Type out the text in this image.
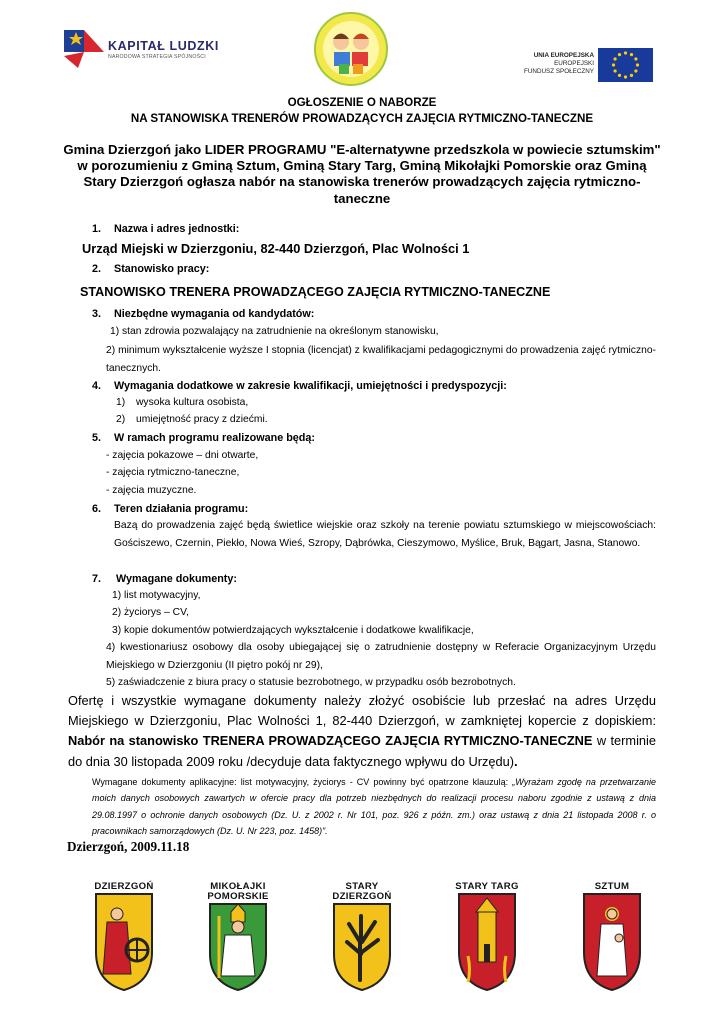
KAPITAŁ LUDZKI
NARODOWA STRATEGIA SPÓJNOŚCI	UNIA EUROPEJSKA
EUROPEJSKI
FUNDUSZ SPOŁECZNY
OGŁOSZENIE O NABORZE
NA STANOWISKA TRENERÓW PROWADZĄCYCH ZAJĘCIA RYTMICZNO-TANECZNE
Gmina Dzierzgoń jako LIDER PROGRAMU "E-alternatywne przedszkola w powiecie sztumskim" w porozumieniu z Gminą Sztum, Gminą Stary Targ, Gminą Mikołajki Pomorskie oraz Gminą Stary Dzierzgoń ogłasza nabór na stanowiska trenerów prowadzących zajęcia rytmiczno-taneczne
1. Nazwa i adres jednostki:
Urząd Miejski w Dzierzgoniu, 82-440 Dzierzgoń, Plac Wolności 1
2. Stanowisko pracy:
STANOWISKO TRENERA PROWADZĄCEGO ZAJĘCIA RYTMICZNO-TANECZNE
3. Niezbędne wymagania od kandydatów:
1) stan zdrowia pozwalający na zatrudnienie na określonym stanowisku,
2) minimum wykształcenie wyższe I stopnia (licencjat) z kwalifikacjami pedagogicznymi do prowadzenia zajęć rytmiczno-tanecznych.
4. Wymagania dodatkowe w zakresie kwalifikacji, umiejętności i predyspozycji:
1) wysoka kultura osobista,
2) umiejętność pracy z dziećmi.
5. W ramach programu realizowane będą:
- zajęcia pokazowe – dni otwarte,
- zajęcia rytmiczno-taneczne,
- zajęcia muzyczne.
6. Teren działania programu:
Bazą do prowadzenia zajęć będą świetlice wiejskie oraz szkoły na terenie powiatu sztumskiego w miejscowościach: Gościszewo, Czernin, Piekło, Nowa Wieś, Szropy, Dąbrówka, Cieszymowo, Myślice, Bruk, Bągart, Jasna, Stanowo.
7. Wymagane dokumenty:
1) list motywacyjny,
2) życiorys – CV,
3) kopie dokumentów potwierdzających wykształcenie i dodatkowe kwalifikacje,
4) kwestionariusz osobowy dla osoby ubiegającej się o zatrudnienie dostępny w Referacie Organizacyjnym Urzędu Miejskiego w Dzierzgoniu (II piętro pokój nr 29),
5) zaświadczenie z biura pracy o statusie bezrobotnego, w przypadku osób bezrobotnych.
Ofertę i wszystkie wymagane dokumenty należy złożyć osobiście lub przesłać na adres Urzędu Miejskiego w Dzierzgoniu, Plac Wolności 1, 82-440 Dzierzgoń, w zamkniętej kopercie z dopiskiem: Nabór na stanowisko TRENERA PROWADZĄCEGO ZAJĘCIA RYTMICZNO-TANECZNE w terminie do dnia 30 listopada 2009 roku /decyduje data faktycznego wpływu do Urzędu).
Wymagane dokumenty aplikacyjne: list motywacyjny, życiorys - CV powinny być opatrzone klauzulą: „Wyrażam zgodę na przetwarzanie moich danych osobowych zawartych w ofercie pracy dla potrzeb niezbędnych do realizacji procesu naboru zgodnie z ustawą z dnia 29.08.1997 o ochronie danych osobowych (Dz. U. z 2002 r. Nr 101, poz. 926 z późn. zm.) oraz ustawą z dnia 21 listopada 2008 r. o pracownikach samorządowych (Dz. U. Nr 223, poz. 1458)”.
Dzierzgoń, 2009.11.18
DZIERZGOŃ	MIKOŁAJKI
POMORSKIE
STARY
DZIERZGOŃ
STARY TARG	SZTUM
